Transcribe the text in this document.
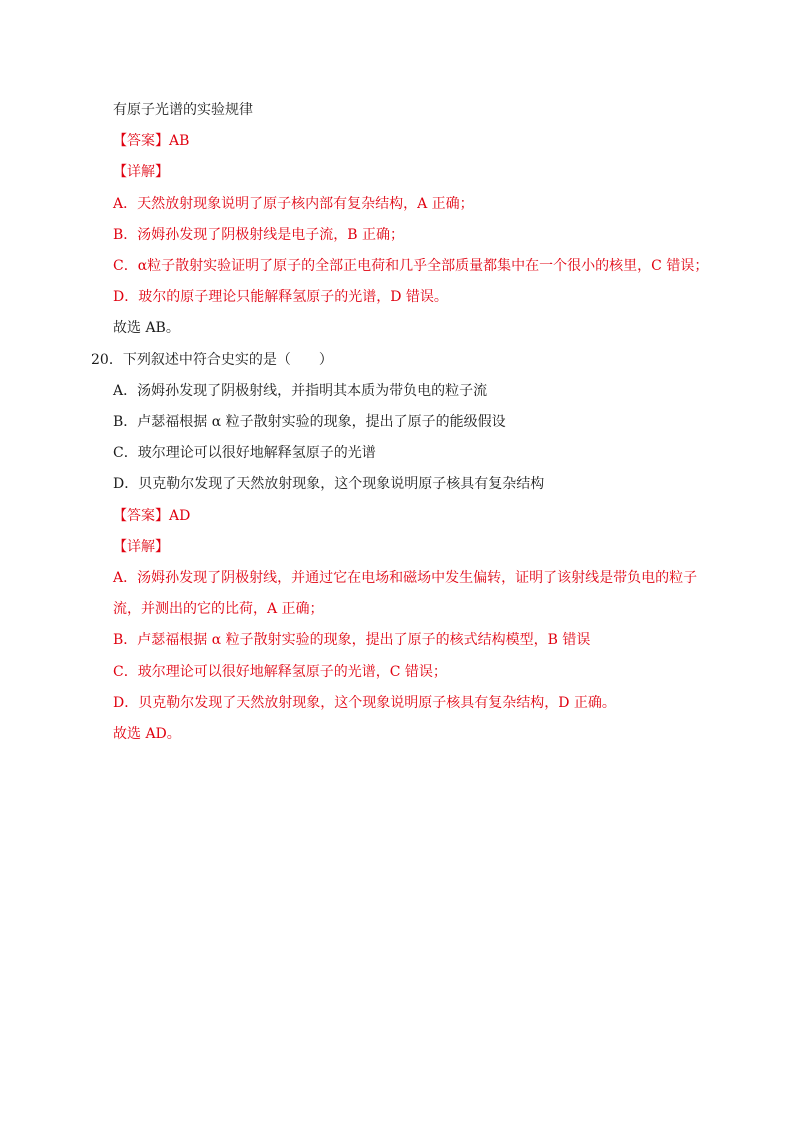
有原子光谱的实验规律
【答案】AB
【详解】
A．天然放射现象说明了原子核内部有复杂结构，A 正确；
B．汤姆孙发现了阴极射线是电子流，B 正确；
C．α粒子散射实验证明了原子的全部正电荷和几乎全部质量都集中在一个很小的核里，C 错误；
D．玻尔的原子理论只能解释氢原子的光谱，D 错误。
故选 AB。
20．下列叙述中符合史实的是（　　）
A．汤姆孙发现了阴极射线，并指明其本质为带负电的粒子流
B．卢瑟福根据 α 粒子散射实验的现象，提出了原子的能级假设
C．玻尔理论可以很好地解释氢原子的光谱
D．贝克勒尔发现了天然放射现象，这个现象说明原子核具有复杂结构
【答案】AD
【详解】
A．汤姆孙发现了阴极射线，并通过它在电场和磁场中发生偏转，证明了该射线是带负电的粒子
流，并测出的它的比荷，A 正确；
B．卢瑟福根据 α 粒子散射实验的现象，提出了原子的核式结构模型，B 错误
C．玻尔理论可以很好地解释氢原子的光谱，C 错误；
D．贝克勒尔发现了天然放射现象，这个现象说明原子核具有复杂结构，D 正确。
故选 AD。
